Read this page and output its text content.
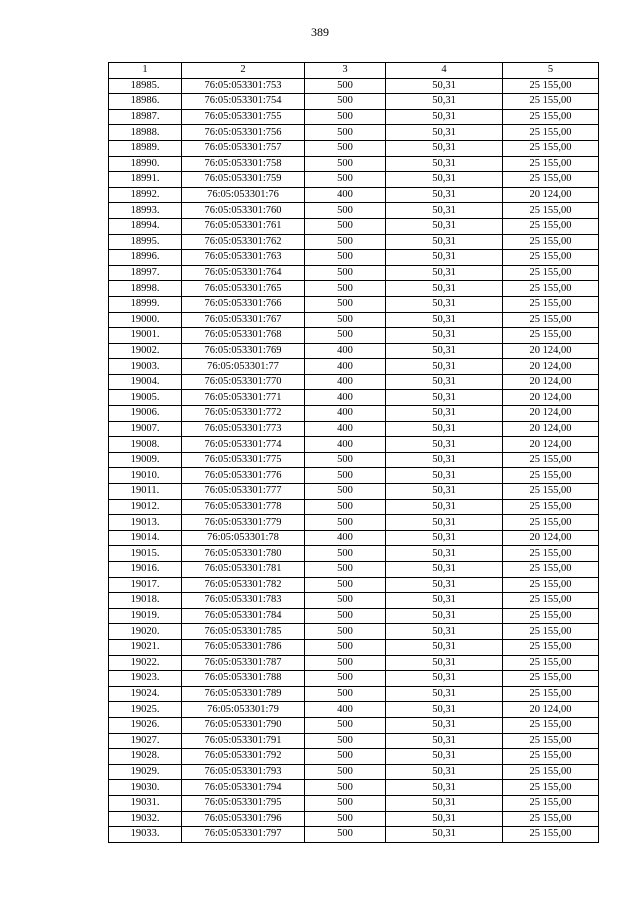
389
1	2	3	4	5
18985.	76:05:053301:753	500	50,31	25 155,00
18986.	76:05:053301:754	500	50,31	25 155,00
18987.	76:05:053301:755	500	50,31	25 155,00
18988.	76:05:053301:756	500	50,31	25 155,00
18989.	76:05:053301:757	500	50,31	25 155,00
18990.	76:05:053301:758	500	50,31	25 155,00
18991.	76:05:053301:759	500	50,31	25 155,00
18992.	76:05:053301:76	400	50,31	20 124,00
18993.	76:05:053301:760	500	50,31	25 155,00
18994.	76:05:053301:761	500	50,31	25 155,00
18995.	76:05:053301:762	500	50,31	25 155,00
18996.	76:05:053301:763	500	50,31	25 155,00
18997.	76:05:053301:764	500	50,31	25 155,00
18998.	76:05:053301:765	500	50,31	25 155,00
18999.	76:05:053301:766	500	50,31	25 155,00
19000.	76:05:053301:767	500	50,31	25 155,00
19001.	76:05:053301:768	500	50,31	25 155,00
19002.	76:05:053301:769	400	50,31	20 124,00
19003.	76:05:053301:77	400	50,31	20 124,00
19004.	76:05:053301:770	400	50,31	20 124,00
19005.	76:05:053301:771	400	50,31	20 124,00
19006.	76:05:053301:772	400	50,31	20 124,00
19007.	76:05:053301:773	400	50,31	20 124,00
19008.	76:05:053301:774	400	50,31	20 124,00
19009.	76:05:053301:775	500	50,31	25 155,00
19010.	76:05:053301:776	500	50,31	25 155,00
19011.	76:05:053301:777	500	50,31	25 155,00
19012.	76:05:053301:778	500	50,31	25 155,00
19013.	76:05:053301:779	500	50,31	25 155,00
19014.	76:05:053301:78	400	50,31	20 124,00
19015.	76:05:053301:780	500	50,31	25 155,00
19016.	76:05:053301:781	500	50,31	25 155,00
19017.	76:05:053301:782	500	50,31	25 155,00
19018.	76:05:053301:783	500	50,31	25 155,00
19019.	76:05:053301:784	500	50,31	25 155,00
19020.	76:05:053301:785	500	50,31	25 155,00
19021.	76:05:053301:786	500	50,31	25 155,00
19022.	76:05:053301:787	500	50,31	25 155,00
19023.	76:05:053301:788	500	50,31	25 155,00
19024.	76:05:053301:789	500	50,31	25 155,00
19025.	76:05:053301:79	400	50,31	20 124,00
19026.	76:05:053301:790	500	50,31	25 155,00
19027.	76:05:053301:791	500	50,31	25 155,00
19028.	76:05:053301:792	500	50,31	25 155,00
19029.	76:05:053301:793	500	50,31	25 155,00
19030.	76:05:053301:794	500	50,31	25 155,00
19031.	76:05:053301:795	500	50,31	25 155,00
19032.	76:05:053301:796	500	50,31	25 155,00
19033.	76:05:053301:797	500	50,31	25 155,00
